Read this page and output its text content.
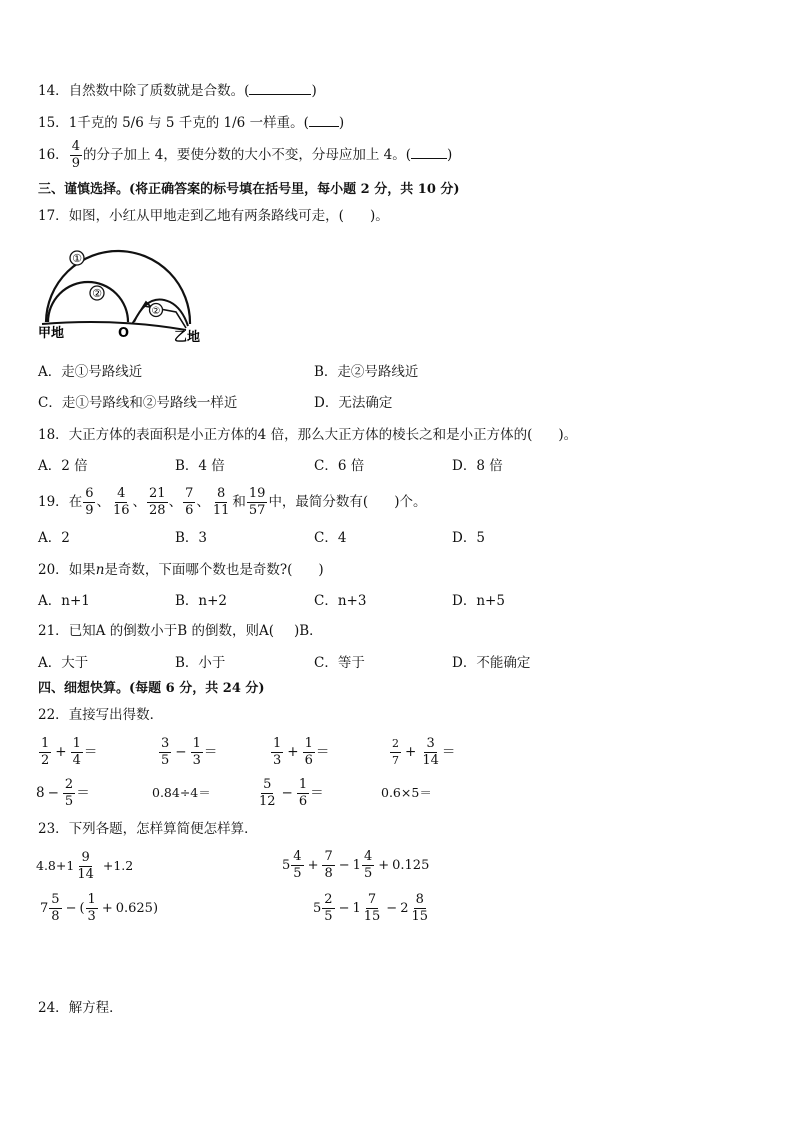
14．自然数中除了质数就是合数。(	)
15．1千克的 5/6 与 5 千克的 1/6 一样重。( )
16． $\frac{4}{9}$ 的分子加上 4，要使分数的大小不变，分母应加上 4。(	)
三、谨慎选择。(将正确答案的标号填在括号里，每小题 2 分，共 10 分)
17．如图，小红从甲地走到乙地有两条路线可走，( )。
①
②
②
甲地	O	乙地
A．走①号路线近	B．走②号路线近
C．走①号路线和②号路线一样近	D．无法确定
18．大正方体的表面积是小正方体的4 倍，那么大正方体的棱长之和是小正方体的( )。
A．2 倍	B．4 倍	C．6 倍	D．8 倍
19．在 $\frac{6}{9}$ 、 $\frac{4}{16}$ 、 $\frac{21}{28}$ 、 $\frac{7}{6}$ 、 $\frac{8}{11}$ 和 $\frac{19}{57}$ 中，最简分数有( )个。
A．2	B．3	C．4	D．5
20．如果n是奇数，下面哪个数也是奇数?( )
A．n+1	B．n+2	C．n+3	D．n+5
21．已知A 的倒数小于B 的倒数，则A( )B．
A．大于	B．小于	C．等于	D．不能确定
四、细想快算。(每题 6 分，共 24 分)
22．直接写出得数．
$\frac{1}{2} + \frac{1}{4}$ ＝	$\frac{3}{5} - \frac{1}{3}$ ＝	$\frac{1}{3} + \frac{1}{6}$ ＝	$\frac{2}{7} + \frac{3}{14}$ ＝
$8 - \frac{2}{5}$ ＝	0.84÷4＝	$\frac{5}{12} - \frac{1}{6}$ ＝	0.6×5＝
23．下列各题，怎样算简便怎样算．
$4.8+1 \frac{9}{14} +1.2$	$5 \frac{4}{5} + \frac{7}{8} - 1 \frac{4}{5} + 0.125$
$7 \frac{5}{8}$ − ( $\frac{1}{3} + 0.625$)	$5 \frac{2}{5} - 1 \frac{7}{15} - 2 \frac{8}{15}$
24．解方程．
